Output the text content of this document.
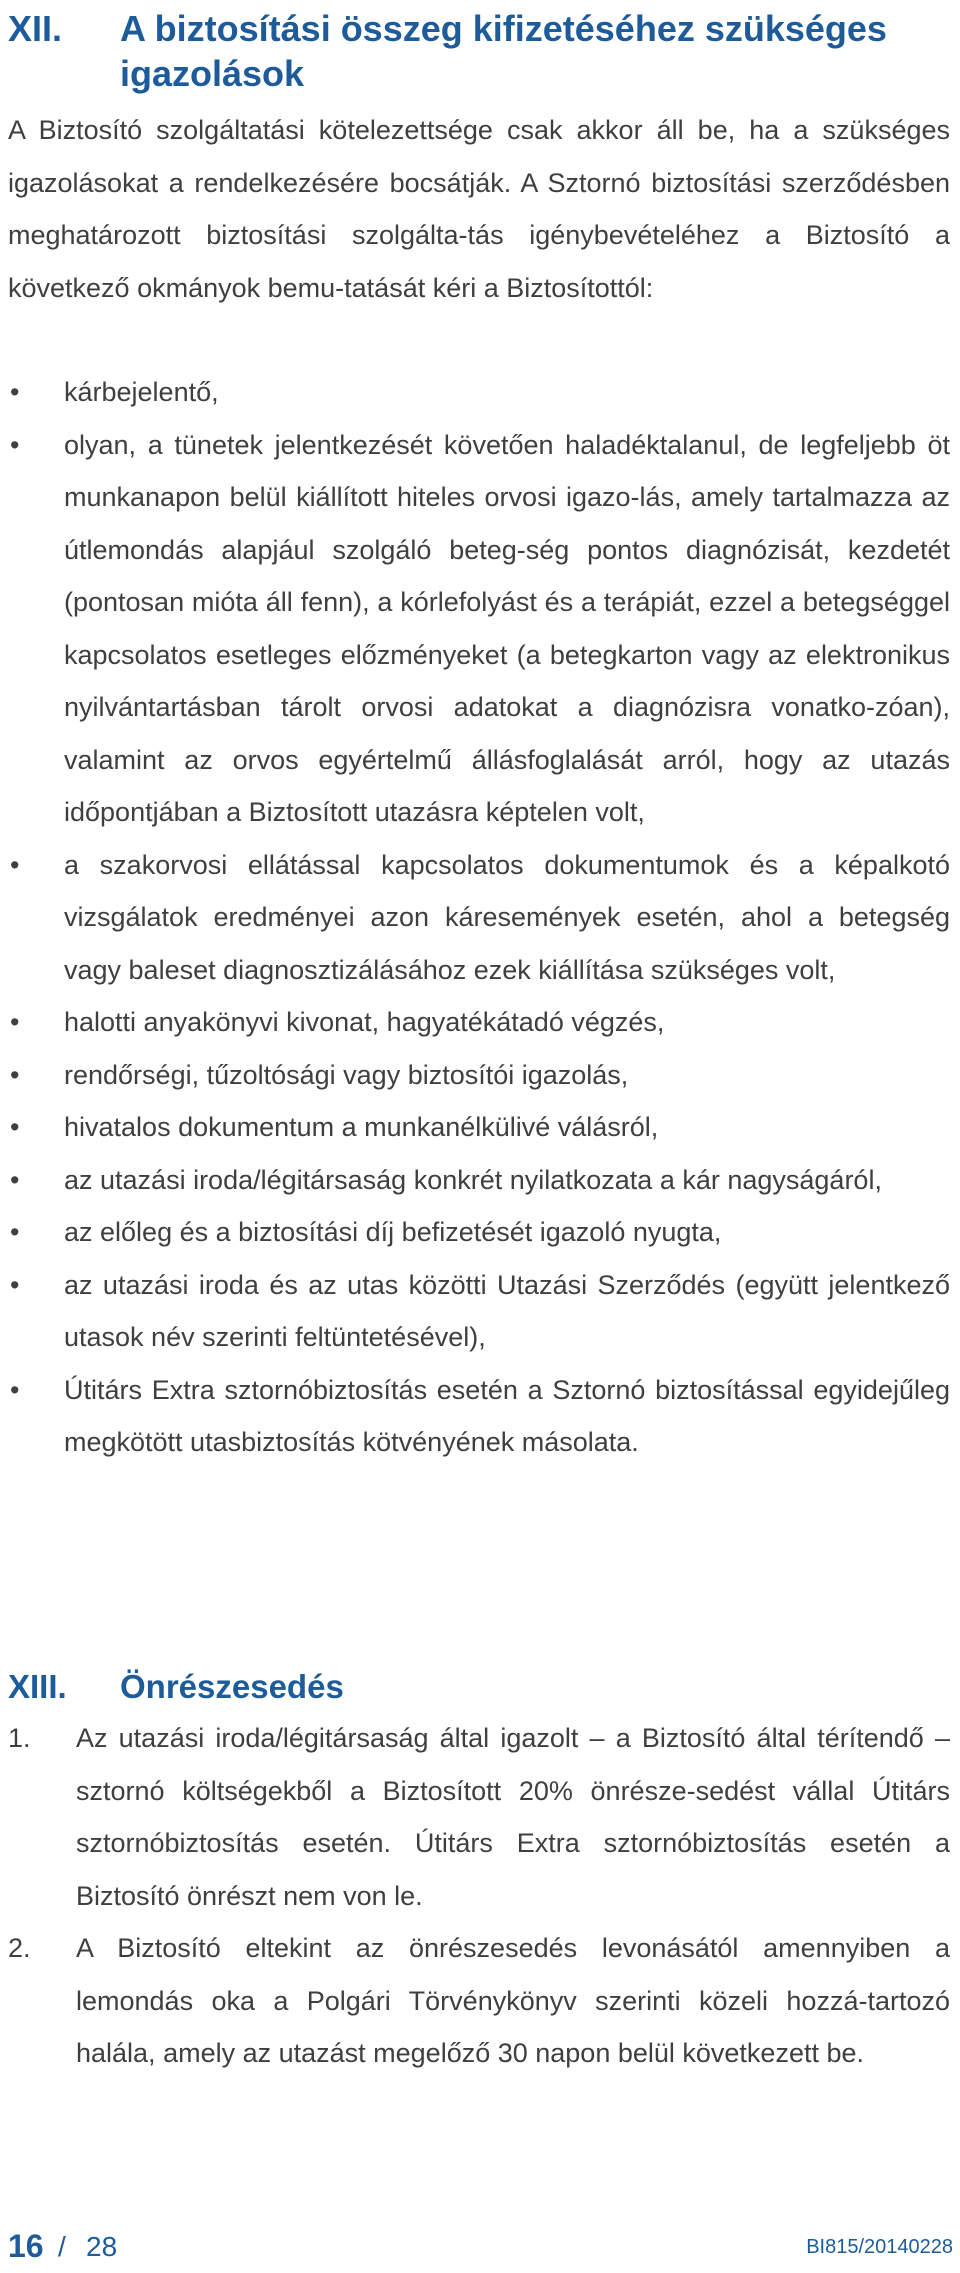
XII. A biztosítási összeg kifizetéséhez szükséges igazolások
A Biztosító szolgáltatási kötelezettsége csak akkor áll be, ha a szükséges igazolásokat a rendelkezésére bocsátják. A Sztornó biztosítási szerződésben meghatározott biztosítási szolgálta-tás igénybevételéhez a Biztosító a következő okmányok bemu-tatását kéri a Biztosítottól:
• kárbejelentő,
• olyan, a tünetek jelentkezését követően haladéktalanul, de legfeljebb öt munkanapon belül kiállított hiteles orvosi igazo-lás, amely tartalmazza az útlemondás alapjául szolgáló beteg-ség pontos diagnózisát, kezdetét (pontosan mióta áll fenn), a kórlefolyást és a terápiát, ezzel a betegséggel kapcsolatos esetleges előzményeket (a betegkarton vagy az elektronikus nyilvántartásban tárolt orvosi adatokat a diagnózisra vonatko-zóan), valamint az orvos egyértelmű állásfoglalását arról, hogy az utazás időpontjában a Biztosított utazásra képtelen volt,
• a szakorvosi ellátással kapcsolatos dokumentumok és a képalkotó vizsgálatok eredményei azon káresemények esetén, ahol a betegség vagy baleset diagnosztizálásához ezek kiállítása szükséges volt,
• halotti anyakönyvi kivonat, hagyatékátadó végzés,
• rendőrségi, tűzoltósági vagy biztosítói igazolás,
• hivatalos dokumentum a munkanélkülivé válásról,
• az utazási iroda/légitársaság konkrét nyilatkozata a kár nagyságáról,
• az előleg és a biztosítási díj befizetését igazoló nyugta,
• az utazási iroda és az utas közötti Utazási Szerződés (együtt jelentkező utasok név szerinti feltüntetésével),
• Útitárs Extra sztornóbiztosítás esetén a Sztornó biztosítással egyidejűleg megkötött utasbiztosítás kötvényének másolata.
XIII. Önrészesedés
1. Az utazási iroda/légitársaság által igazolt – a Biztosító által térítendő – sztornó költségekből a Biztosított 20% önrésze-sedést vállal Útitárs sztornóbiztosítás esetén. Útitárs Extra sztornóbiztosítás esetén a Biztosító önrészt nem von le.
2. A Biztosító eltekint az önrészesedés levonásától amennyiben a lemondás oka a Polgári Törvénykönyv szerinti közeli hozzá-tartozó halála, amely az utazást megelőző 30 napon belül következett be.
16 / 28	BI815/20140228
